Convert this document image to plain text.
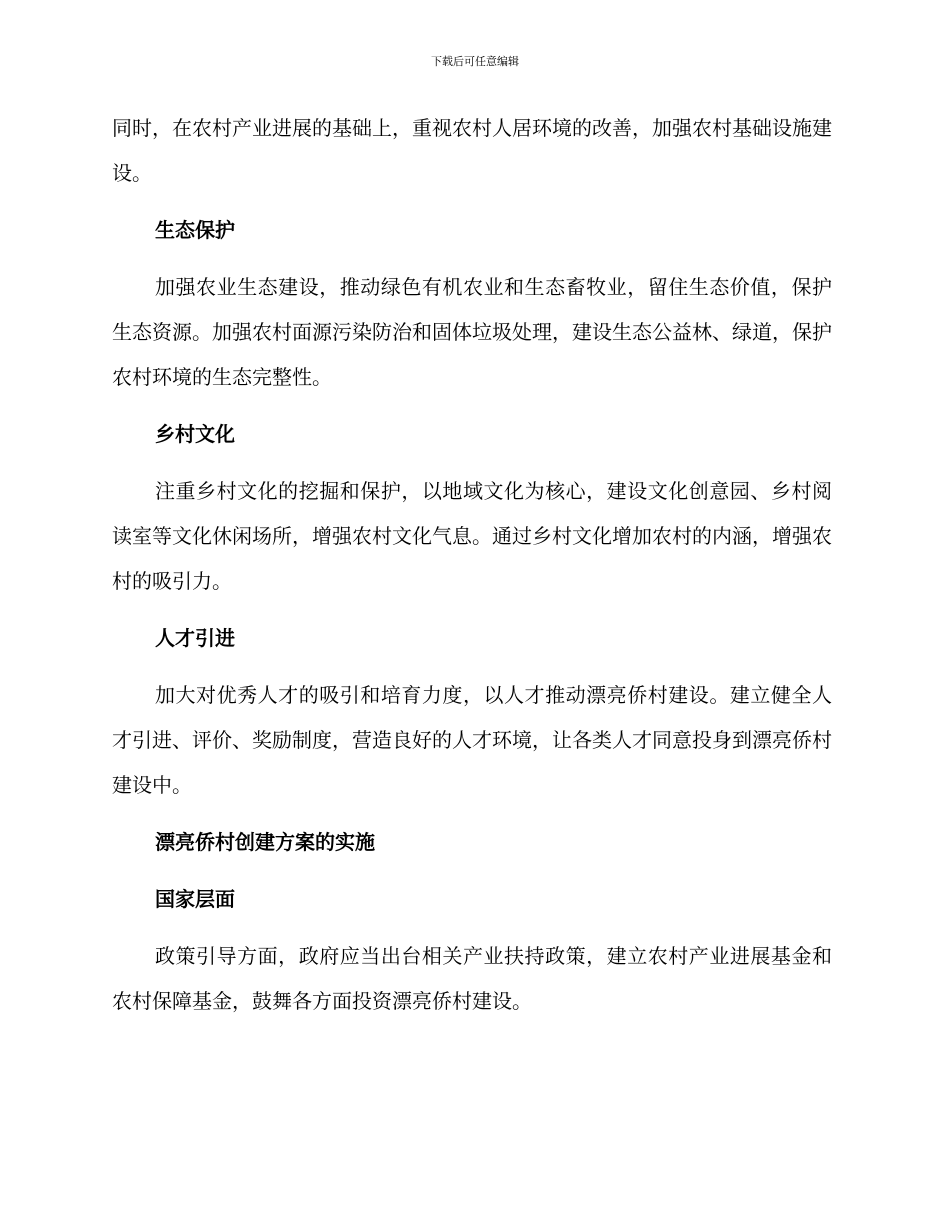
下载后可任意编辑

同时，在农村产业进展的基础上，重视农村人居环境的改善，加强农村基础设施建设。

生态保护

加强农业生态建设，推动绿色有机农业和生态畜牧业，留住生态价值，保护生态资源。加强农村面源污染防治和固体垃圾处理，建设生态公益林、绿道，保护农村环境的生态完整性。

乡村文化

注重乡村文化的挖掘和保护，以地域文化为核心，建设文化创意园、乡村阅读室等文化休闲场所，增强农村文化气息。通过乡村文化增加农村的内涵，增强农村的吸引力。

人才引进

加大对优秀人才的吸引和培育力度，以人才推动漂亮侨村建设。建立健全人才引进、评价、奖励制度，营造良好的人才环境，让各类人才同意投身到漂亮侨村建设中。

漂亮侨村创建方案的实施
国家层面

政策引导方面，政府应当出台相关产业扶持政策，建立农村产业进展基金和农村保障基金，鼓舞各方面投资漂亮侨村建设。
